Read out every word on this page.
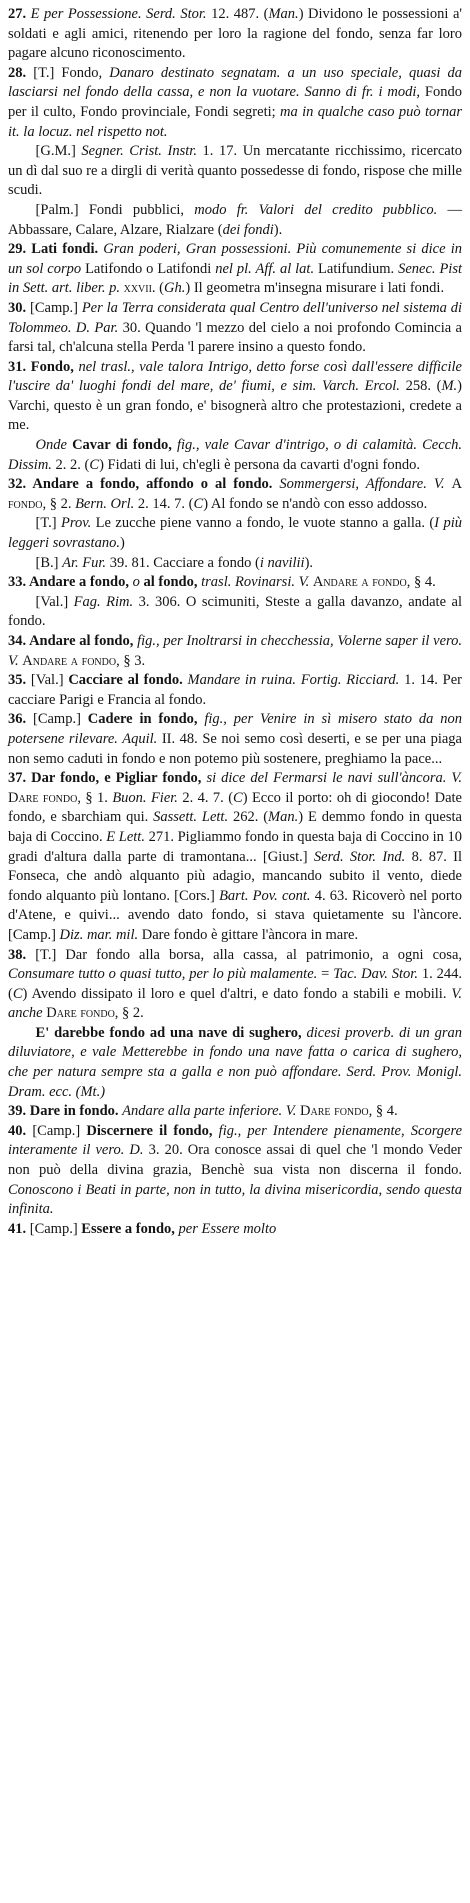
27. E per Possessione. Serd. Stor. 12. 487. (Man.) Dividono le possessioni a' soldati e agli amici, ritenendo per loro la ragione del fondo, senza far loro pagare alcuno riconoscimento.

28. [T.] Fondo, Danaro destinato segnatam. a un uso speciale, quasi da lasciarsi nel fondo della cassa, e non la vuotare. Sanno di fr. i modi, Fondo per il culto, Fondo provinciale, Fondi segreti; ma in qualche caso può tornar it. la locuz. nel rispetto not.

[G.M.] Segner. Crist. Instr. 1. 17. Un mercatante ricchissimo, ricercato un dì dal suo re a dirgli di verità quanto possedesse di fondo, rispose che mille scudi.

[Palm.] Fondi pubblici, modo fr. Valori del credito pubblico. — Abbassare, Calare, Alzare, Rialzare (dei fondi).

29. Lati fondi. Gran poderi, Gran possessioni. Più comunemente si dice in un sol corpo Latifondo o Latifondi nel pl. Aff. al lat. Latifundium. Senec. Pist in Sett. art. liber. p. xxvii. (Gh.) Il geometra m'insegna misurare i lati fondi.

30. [Camp.] Per la Terra considerata qual Centro dell'universo nel sistema di Tolommeo. D. Par. 30. Quando 'l mezzo del cielo a noi profondo Comincia a farsi tal, ch'alcuna stella Perda 'l parere insino a questo fondo.

31. Fondo, nel trasl., vale talora Intrigo, detto forse così dall'essere difficile l'uscire da' luoghi fondi del mare, de' fiumi, e sim. Varch. Ercol. 258. (M.) Varchi, questo è un gran fondo, e' bisognerà altro che protestazioni, credete a me.

Onde Cavar di fondo, fig., vale Cavar d'intrigo, o di calamità. Cecch. Dissim. 2. 2. (C) Fidati di lui, ch'egli è persona da cavarti d'ogni fondo.

32. Andare a fondo, affondo o al fondo. Sommergersi, Affondare. V. A fondo, § 2. Bern. Orl. 2. 14. 7. (C) Al fondo se n'andò con esso addosso.

[T.] Prov. Le zucche piene vanno a fondo, le vuote stanno a galla. (I più leggeri sovrastano.)

[B.] Ar. Fur. 39. 81. Cacciare a fondo (i navilii).

33. Andare a fondo, o al fondo, trasl. Rovinarsi. V. Andare a fondo, § 4.

[Val.] Fag. Rim. 3. 306. O scimuniti, Steste a galla davanzo, andate al fondo.

34. Andare al fondo, fig., per Inoltrarsi in checchessia, Volerne saper il vero. V. Andare a fondo, § 3.

35. [Val.] Cacciare al fondo. Mandare in ruina. Fortig. Ricciard. 1. 14. Per cacciare Parigi e Francia al fondo.

36. [Camp.] Cadere in fondo, fig., per Venire in sì misero stato da non potersene rilevare. Aquil. II. 48. Se noi semo così deserti, e se per una piaga non semo caduti in fondo e non potemo più sostenere, preghiamo la pace...

37. Dar fondo, e Pigliar fondo, si dice del Fermarsi le navi sull'àncora. V. Dare fondo, § 1. Buon. Fier. 2. 4. 7. (C) Ecco il porto: oh di giocondo! Date fondo, e sbarchiam qui. Sassett. Lett. 262. (Man.) E demmo fondo in questa baja di Coccino. E Lett. 271. Pigliammo fondo in questa baja di Coccino in 10 gradi d'altura dalla parte di tramontana... [Giust.] Serd. Stor. Ind. 8. 87. Il Fonseca, che andò alquanto più adagio, mancando subito il vento, diede fondo alquanto più lontano. [Cors.] Bart. Pov. cont. 4. 63. Ricoverò nel porto d'Atene, e quivi... avendo dato fondo, si stava quietamente su l'àncore. [Camp.] Diz. mar. mil. Dare fondo è gittare l'àncora in mare.

38. [T.] Dar fondo alla borsa, alla cassa, al patrimonio, a ogni cosa, Consumare tutto o quasi tutto, per lo più malamente. = Tac. Dav. Stor. 1. 244. (C) Avendo dissipato il loro e quel d'altri, e dato fondo a stabili e mobili. V. anche Dare fondo, § 2.

E' darebbe fondo ad una nave di sughero, dicesi proverb. di un gran diluviatore, e vale Metterebbe in fondo una nave fatta o carica di sughero, che per natura sempre sta a galla e non può affondare. Serd. Prov. Monigl. Dram. ecc. (Mt.)

39. Dare in fondo. Andare alla parte inferiore. V. Dare fondo, § 4.

40. [Camp.] Discernere il fondo, fig., per Intendere pienamente, Scorgere interamente il vero. D. 3. 20. Ora conosce assai di quel che 'l mondo Veder non può della divina grazia, Benchè sua vista non discerna il fondo. Conoscono i Beati in parte, non in tutto, la divina misericordia, sendo questa infinita.

41. [Camp.] Essere a fondo, per Essere molto
